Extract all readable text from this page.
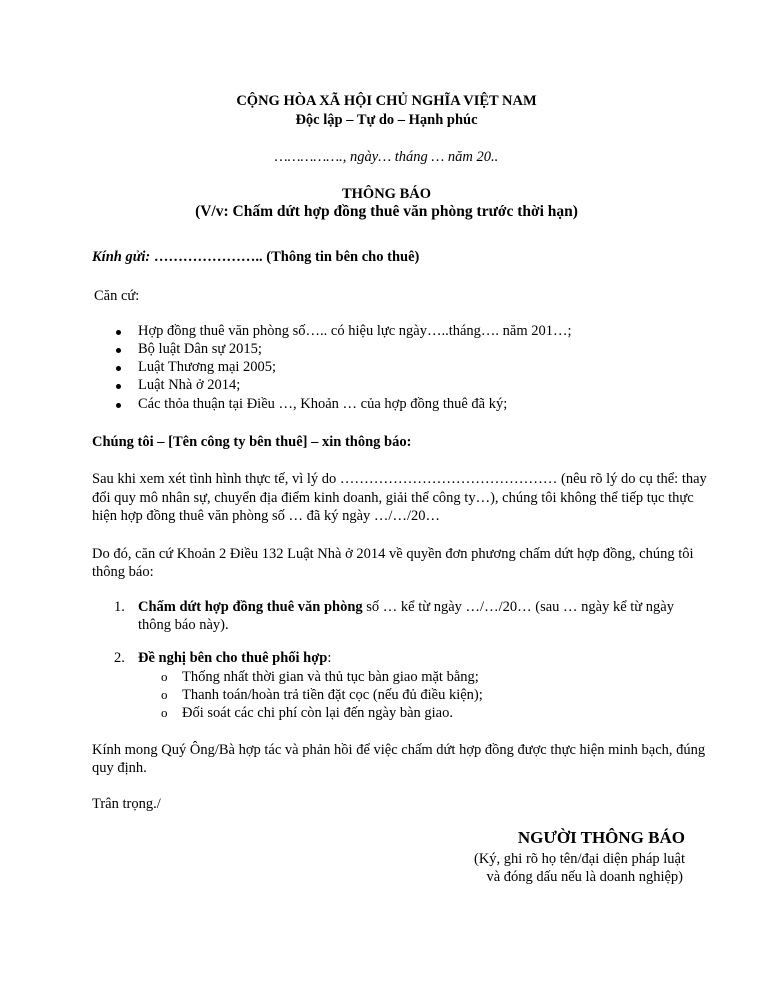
CỘNG HÒA XÃ HỘI CHỦ NGHĨA VIỆT NAM
Độc lập – Tự do – Hạnh phúc
……………., ngày… tháng … năm 20..
THÔNG BÁO
(V/v: Chấm dứt hợp đồng thuê văn phòng trước thời hạn)
Kính gửi: ………………….. (Thông tin bên cho thuê)
Căn cứ:
Hợp đồng thuê văn phòng số….. có hiệu lực ngày…..tháng…. năm 201…;
Bộ luật Dân sự 2015;
Luật Thương mại 2005;
Luật Nhà ở 2014;
Các thỏa thuận tại Điều …, Khoản … của hợp đồng thuê đã ký;
Chúng tôi – [Tên công ty bên thuê] – xin thông báo:
Sau khi xem xét tình hình thực tế, vì lý do ……………………………………… (nêu rõ lý do cụ thể: thay
đổi quy mô nhân sự, chuyển địa điểm kinh doanh, giải thể công ty…), chúng tôi không thể tiếp tục thực
hiện hợp đồng thuê văn phòng số … đã ký ngày …/…/20…
Do đó, căn cứ Khoản 2 Điều 132 Luật Nhà ở 2014 về quyền đơn phương chấm dứt hợp đồng, chúng tôi
thông báo:
1. Chấm dứt hợp đồng thuê văn phòng số … kể từ ngày …/…/20… (sau … ngày kể từ ngày
thông báo này).
2. Đề nghị bên cho thuê phối hợp:
o Thống nhất thời gian và thủ tục bàn giao mặt bằng;
o Thanh toán/hoàn trả tiền đặt cọc (nếu đủ điều kiện);
o Đối soát các chi phí còn lại đến ngày bàn giao.
Kính mong Quý Ông/Bà hợp tác và phản hồi để việc chấm dứt hợp đồng được thực hiện minh bạch, đúng
quy định.
Trân trọng./
NGƯỜI THÔNG BÁO
(Ký, ghi rõ họ tên/đại diện pháp luật
và đóng dấu nếu là doanh nghiệp)
